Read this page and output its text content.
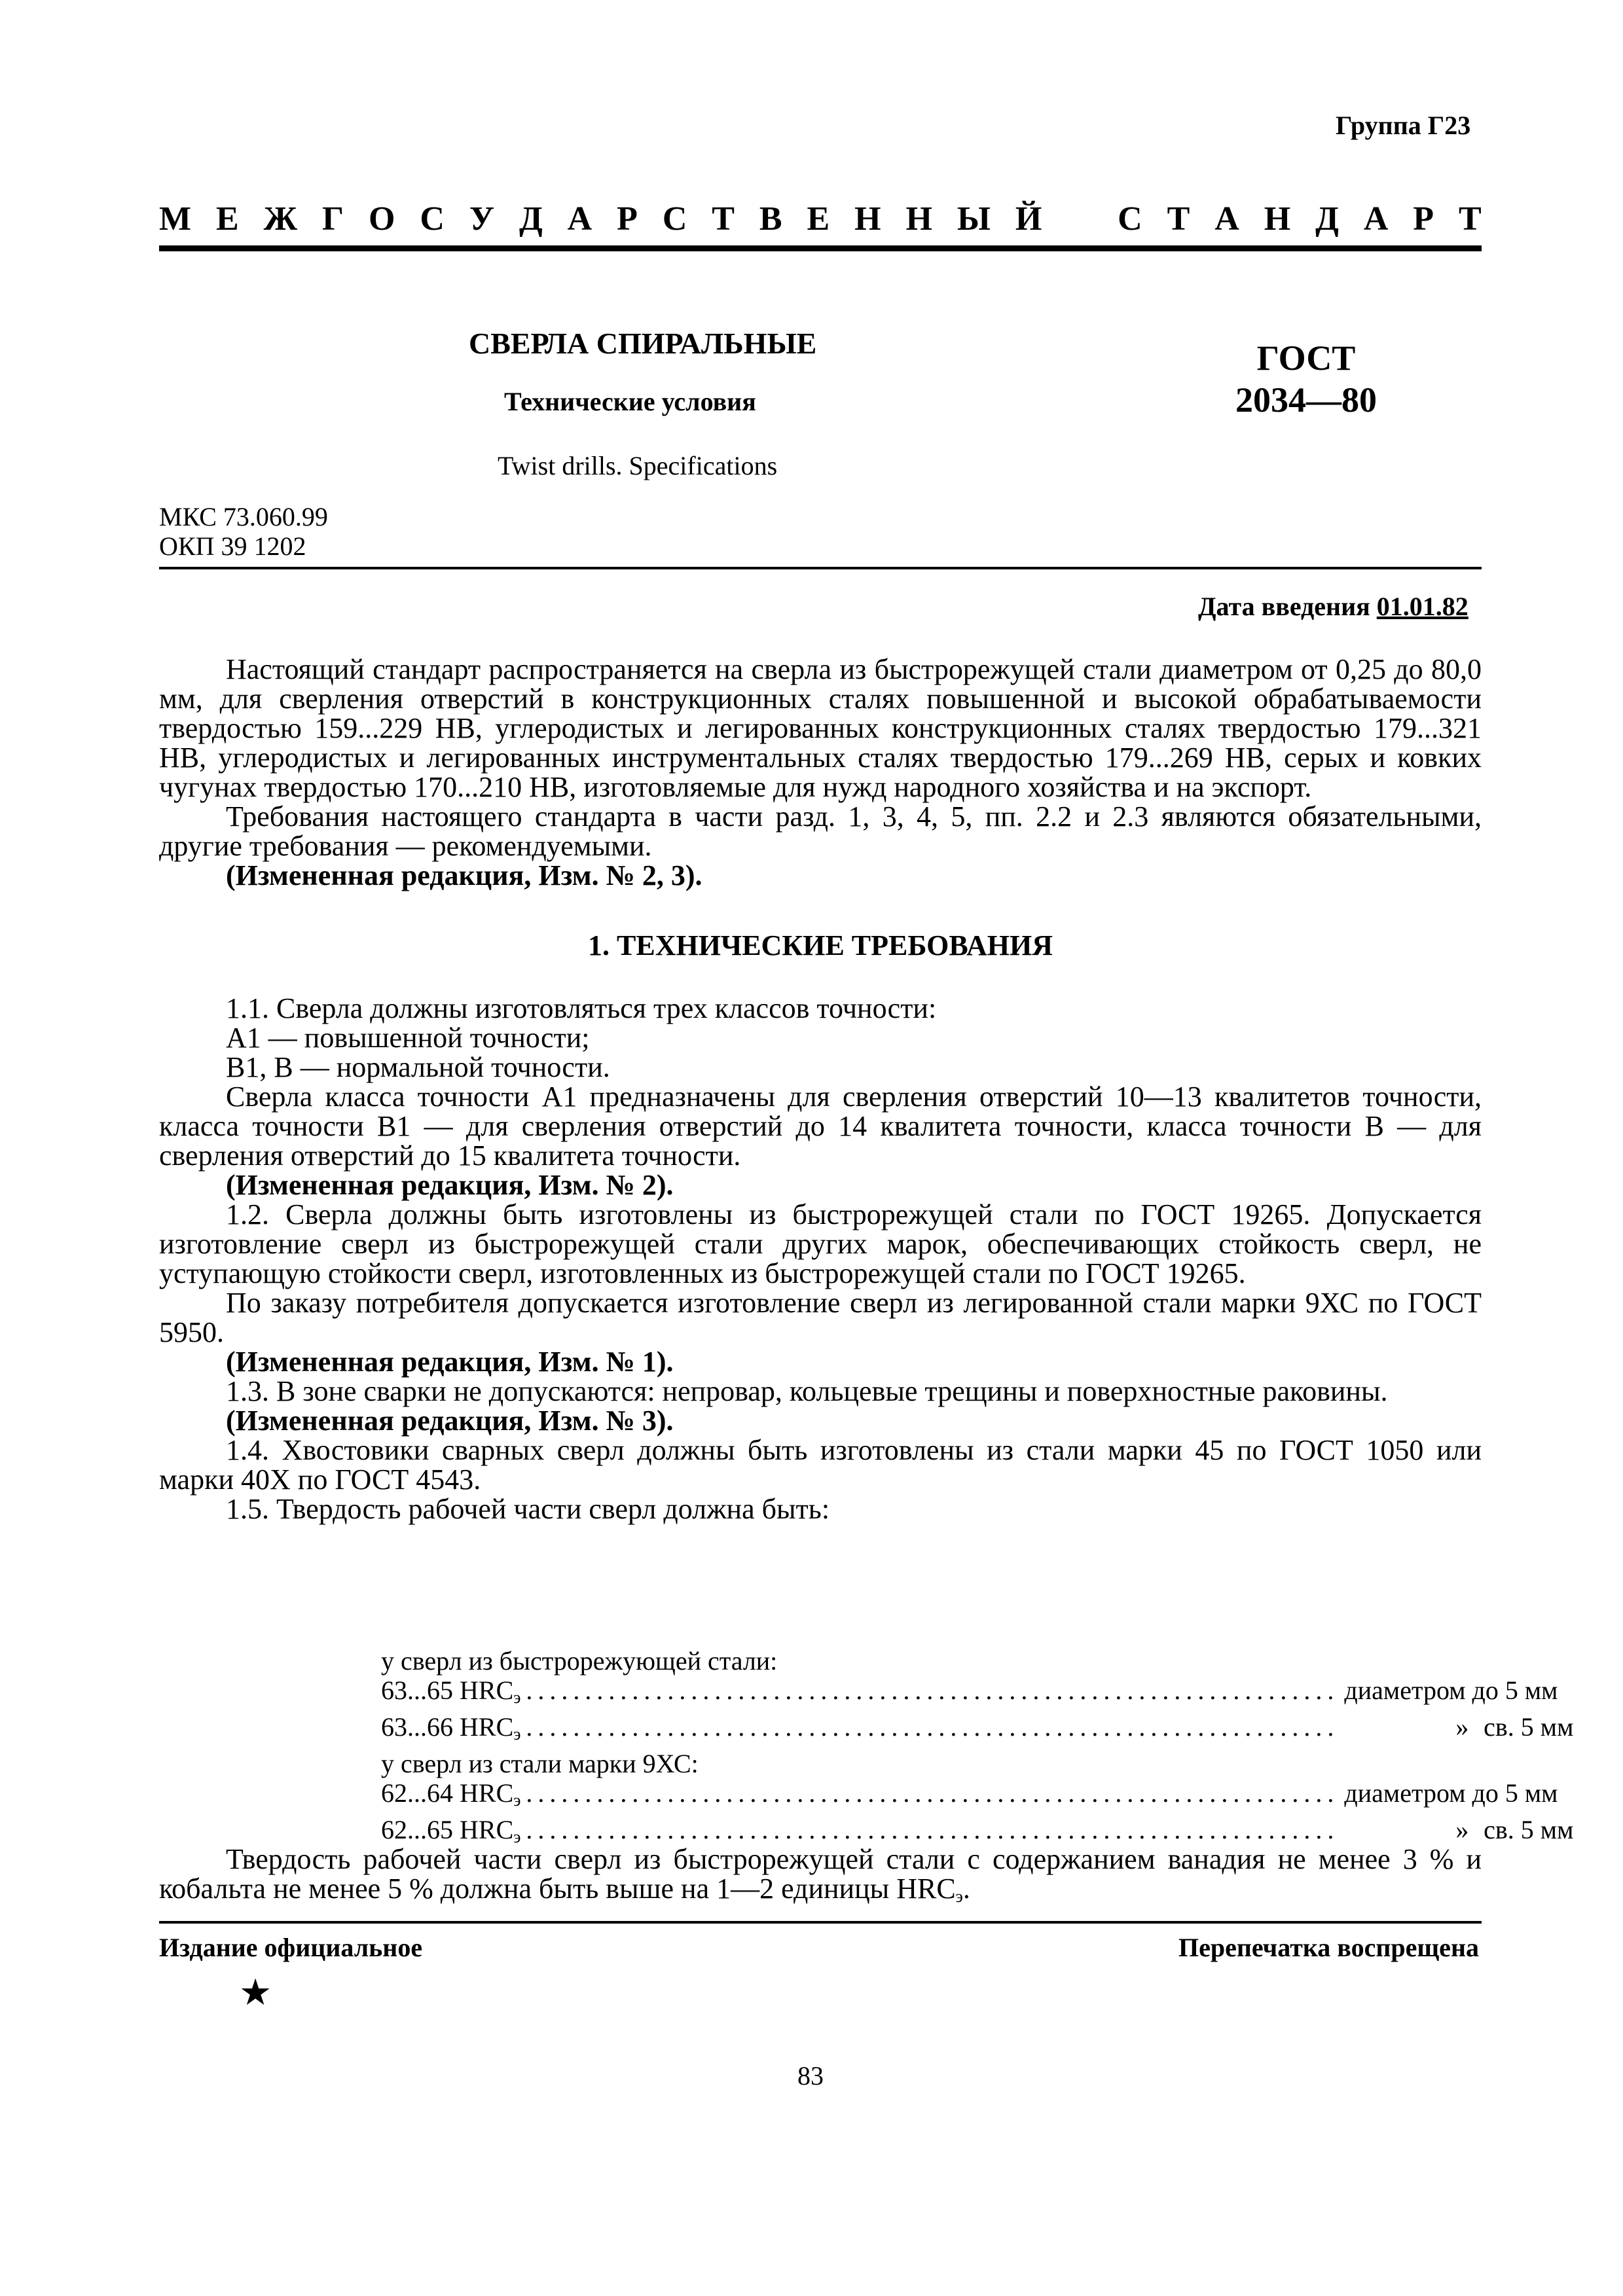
Группа Г23
М Е Ж Г О С У Д А Р С Т В Е Н Н Ы Й С Т А Н Д А Р Т
СВЕРЛА СПИРАЛЬНЫЕ
Технические условия
Twist drills. Specifications
ГОСТ
2034—80
МКС 73.060.99
ОКП 39 1202
Дата введения 01.01.82

Настоящий стандарт распространяется на сверла из быстрорежущей стали диаметром от 0,25 до 80,0 мм, для сверления отверстий в конструкционных сталях повышенной и высокой обрабатываемости твердостью 159...229 НВ, углеродистых и легированных конструкционных сталях твердостью 179...321 НВ, углеродистых и легированных инструментальных сталях твердостью 179...269 НВ, серых и ковких чугунах твердостью 170...210 НВ, изготовляемые для нужд народного хозяйства и на экспорт.

Требования настоящего стандарта в части разд. 1, 3, 4, 5, пп. 2.2 и 2.3 являются обязательными, другие требования — рекомендуемыми.

(Измененная редакция, Изм. № 2, 3).

1. ТЕХНИЧЕСКИЕ ТРЕБОВАНИЯ

1.1. Сверла должны изготовляться трех классов точности:

А1 — повышенной точности;

В1, В — нормальной точности.

Сверла класса точности А1 предназначены для сверления отверстий 10—13 квалитетов точности, класса точности В1 — для сверления отверстий до 14 квалитета точности, класса точности В — для сверления отверстий до 15 квалитета точности.

(Измененная редакция, Изм. № 2).

1.2. Сверла должны быть изготовлены из быстрорежущей стали по ГОСТ 19265. Допускается изготовление сверл из быстрорежущей стали других марок, обеспечивающих стойкость сверл, не уступающую стойкости сверл, изготовленных из быстрорежущей стали по ГОСТ 19265.

По заказу потребителя допускается изготовление сверл из легированной стали марки 9ХС по ГОСТ 5950.

(Измененная редакция, Изм. № 1).

1.3. В зоне сварки не допускаются: непровар, кольцевые трещины и поверхностные раковины.

(Измененная редакция, Изм. № 3).

1.4. Хвостовики сварных сверл должны быть изготовлены из стали марки 45 по ГОСТ 1050 или марки 40Х по ГОСТ 4543.

1.5. Твердость рабочей части сверл должна быть:

у сверл из быстрорежующей стали:
63...65 $HRC_э$ ..................................................................... диаметром до 5 мм
63...66 $HRC_э$ .....................................................................	» св. 5 мм
у сверл из стали марки 9ХС:
62...64 $HRC_э$ ..................................................................... диаметром до 5 мм
62...65 $HRC_э$ .....................................................................	» св. 5 мм

Твердость рабочей части сверл из быстрорежущей стали с содержанием ванадия не менее 3 % и кобальта не менее 5 % должна быть выше на 1—2 единицы $HRC_э$.

Издание официальное	Перепечатка воспрещена
★
83
